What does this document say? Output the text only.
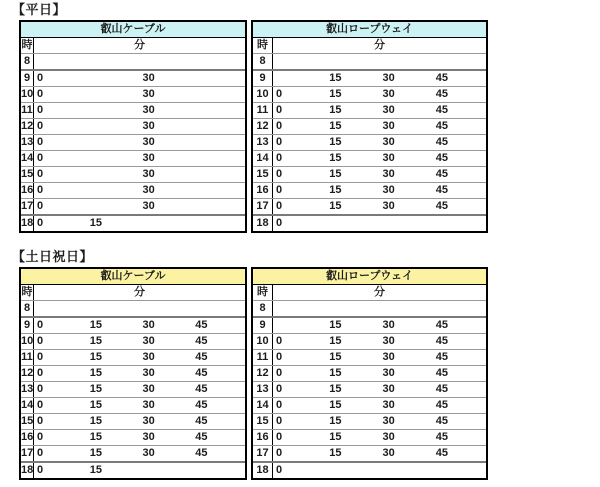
【平日】
叡山ケーブル
時	分
8
9 0	30
10 0	30
11 0	30
12 0	30
13 0	30
14 0	30
15 0	30
16 0	30
17 0	30
18 0	15
叡山ロープウェイ
時	分
8
9	15	30	45
10 0	15	30	45
11 0	15	30	45
12 0	15	30	45
13 0	15	30	45
14 0	15	30	45
15 0	15	30	45
16 0	15	30	45
17 0	15	30	45
18 0
【土日祝日】
叡山ケーブル
時	分
8
9 0	15	30	45
10 0	15	30	45
11 0	15	30	45
12 0	15	30	45
13 0	15	30	45
14 0	15	30	45
15 0	15	30	45
16 0	15	30	45
17 0	15	30	45
18 0	15
叡山ロープウェイ
時	分
8
9	15	30	45
10 0	15	30	45
11 0	15	30	45
12 0	15	30	45
13 0	15	30	45
14 0	15	30	45
15 0	15	30	45
16 0	15	30	45
17 0	15	30	45
18 0
